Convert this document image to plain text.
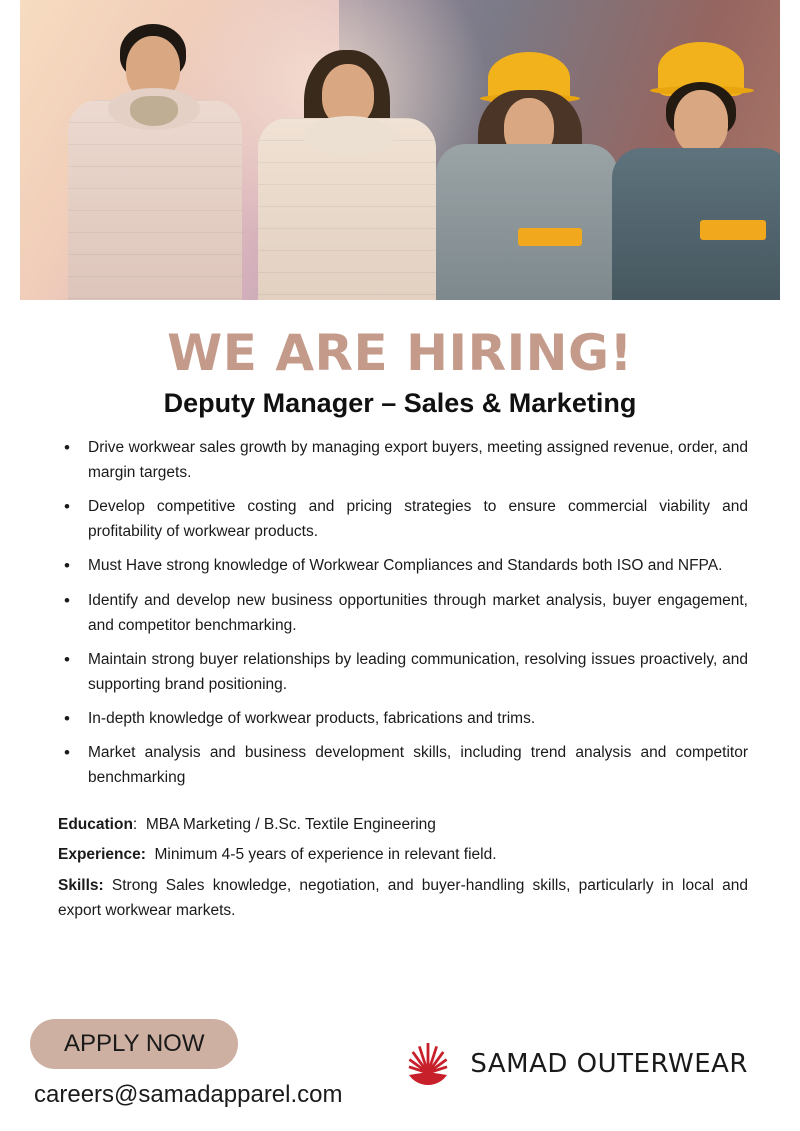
WE ARE HIRING!
Deputy Manager – Sales & Marketing
• Drive workwear sales growth by managing export buyers, meeting assigned revenue, order, and margin targets.
• Develop competitive costing and pricing strategies to ensure commercial viability and profitability of workwear products.
• Must Have strong knowledge of Workwear Compliances and Standards both ISO and NFPA.
• Identify and develop new business opportunities through market analysis, buyer engagement, and competitor benchmarking.
• Maintain strong buyer relationships by leading communication, resolving issues proactively, and supporting brand positioning.
• In-depth knowledge of workwear products, fabrications and trims.
• Market analysis and business development skills, including trend analysis and competitor benchmarking

Education: MBA Marketing / B.Sc. Textile Engineering

Experience: Minimum 4-5 years of experience in relevant field.

Skills: Strong Sales knowledge, negotiation, and buyer-handling skills, particularly in local and export workwear markets.

APPLY NOW
careers@samadapparel.com
SAMAD OUTERWEAR
